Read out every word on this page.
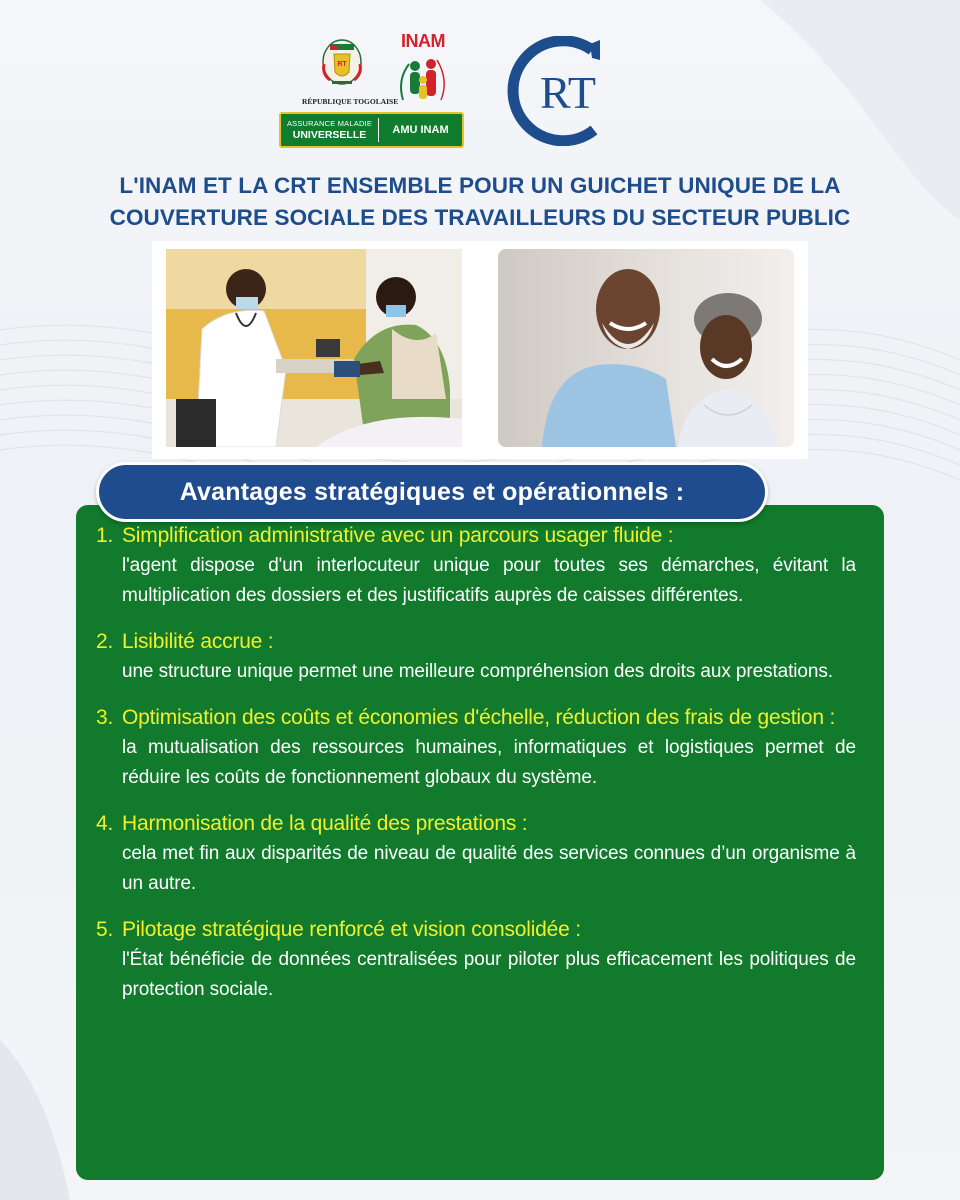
RT
RÉPUBLIQUE TOGOLAISE
INAM
ASSURANCE MALADIE
UNIVERSELLE	AMU INAM
RT
L'INAM ET LA CRT ENSEMBLE POUR UN GUICHET UNIQUE DE LA
COUVERTURE SOCIALE DES TRAVAILLEURS DU SECTEUR PUBLIC
Avantages stratégiques et opérationnels :
1. Simplification administrative avec un parcours usager fluide :
l'agent dispose d'un interlocuteur unique pour toutes ses démarches, évitant la multiplication des dossiers et des justificatifs auprès de caisses différentes.
2. Lisibilité accrue :
une structure unique permet une meilleure compréhension des droits aux prestations.
3. Optimisation des coûts et économies d'échelle, réduction des frais de gestion :
la mutualisation des ressources humaines, informatiques et logistiques permet de réduire les coûts de fonctionnement globaux du système.
4. Harmonisation de la qualité des prestations :
cela met fin aux disparités de niveau de qualité des services connues d’un organisme à un autre.
5. Pilotage stratégique renforcé et vision consolidée :
l'État bénéficie de données centralisées pour piloter plus efficacement les politiques de protection sociale.
